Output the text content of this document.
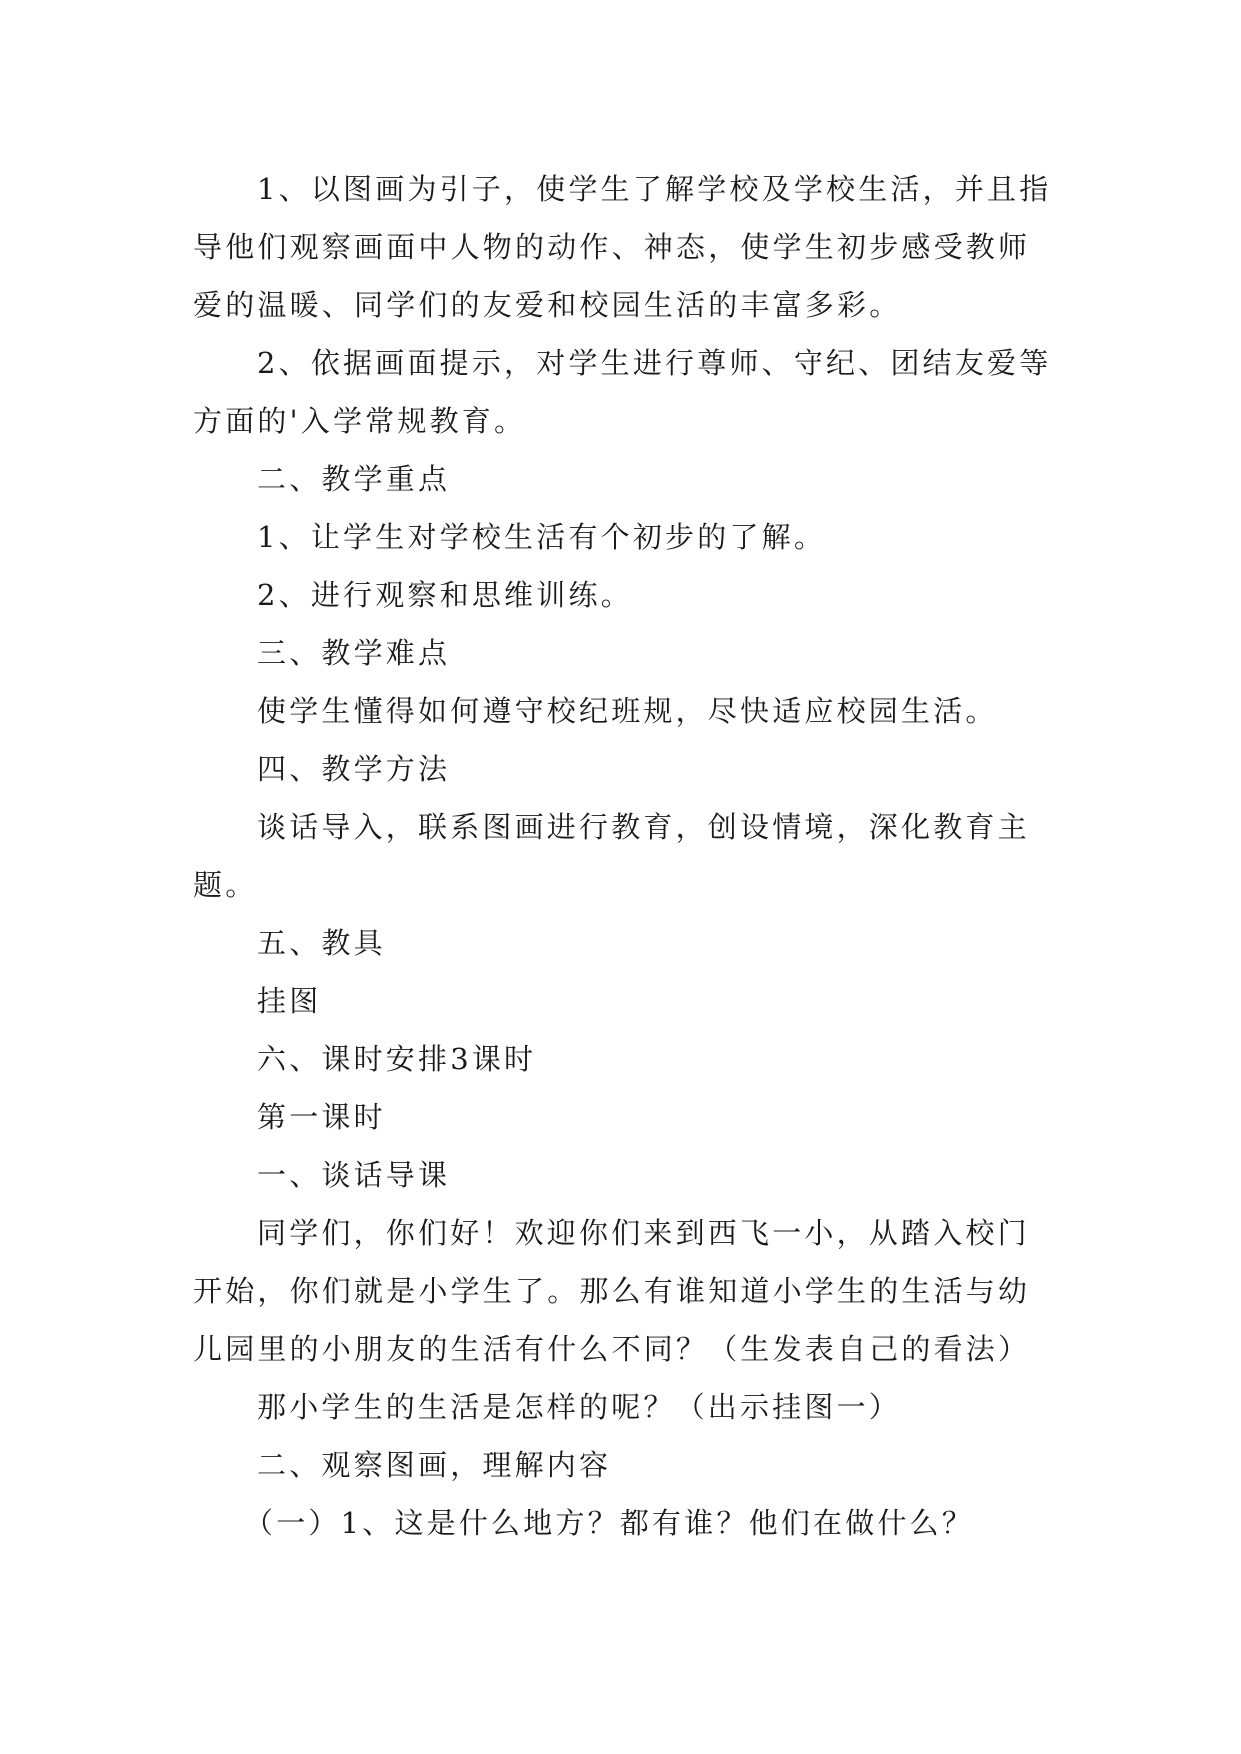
1、以图画为引子，使学生了解学校及学校生活，并且指导他们观察画面中人物的动作、神态，使学生初步感受教师爱的温暖、同学们的友爱和校园生活的丰富多彩。

2、依据画面提示，对学生进行尊师、守纪、团结友爱等方面的'入学常规教育。

二、教学重点

1、让学生对学校生活有个初步的了解。

2、进行观察和思维训练。

三、教学难点

使学生懂得如何遵守校纪班规，尽快适应校园生活。

四、教学方法

谈话导入，联系图画进行教育，创设情境，深化教育主题。

五、教具

挂图

六、课时安排3课时

第一课时

一、谈话导课

同学们，你们好！欢迎你们来到西飞一小，从踏入校门开始，你们就是小学生了。那么有谁知道小学生的生活与幼儿园里的小朋友的生活有什么不同？（生发表自己的看法）

那小学生的生活是怎样的呢？（出示挂图一）

二、观察图画，理解内容

（一）1、这是什么地方？都有谁？他们在做什么？
